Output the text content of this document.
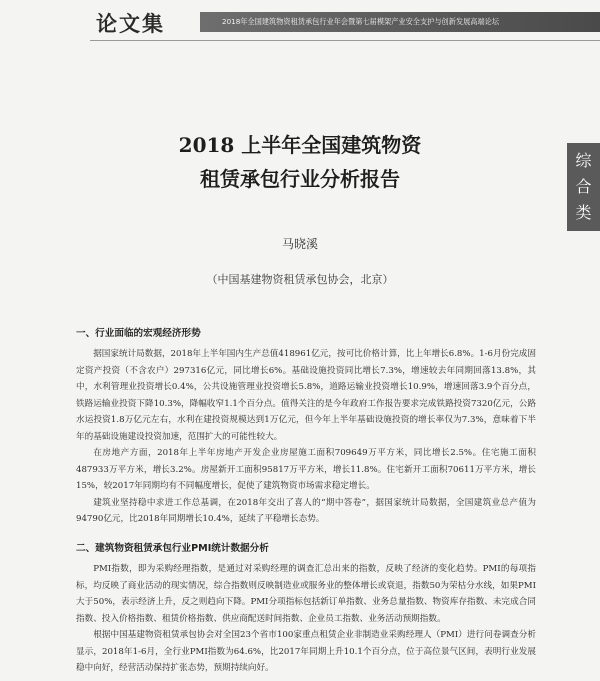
论文集	2018年全国建筑物资租赁承包行业年会暨第七届模架产业安全支护与创新发展高端论坛
综
合
类
2018 上半年全国建筑物资
租赁承包行业分析报告
马晓溪
（中国基建物资租赁承包协会，北京）
一、行业面临的宏观经济形势

据国家统计局数据，2018年上半年国内生产总值418961亿元，按可比价格计算，比上年增长6.8%。1-6月份完成固定资产投资（不含农户）297316亿元，同比增长6%。基础设施投资同比增长7.3%，增速较去年同期回落13.8%，其中，水利管理业投资增长0.4%，公共设施管理业投资增长5.8%，道路运输业投资增长10.9%，增速回落3.9个百分点，铁路运输业投资下降10.3%，降幅收窄1.1个百分点。值得关注的是今年政府工作报告要求完成铁路投资7320亿元，公路水运投资1.8万亿元左右，水利在建投资规模达到1万亿元，但今年上半年基础设施投资的增长率仅为7.3%，意味着下半年的基础设施建设投资加速，范围扩大的可能性较大。

在房地产方面，2018年上半年房地产开发企业房屋施工面积709649万平方米，同比增长2.5%。住宅施工面积487933万平方米，增长3.2%。房屋新开工面积95817万平方米，增长11.8%。住宅新开工面积70611万平方米，增长15%，较2017年同期均有不同幅度增长，促使了建筑物资市场需求稳定增长。

建筑业坚持稳中求进工作总基调，在2018年交出了喜人的“期中答卷”，据国家统计局数据，全国建筑业总产值为94790亿元，比2018年同期增长10.4%，延续了平稳增长态势。

二、建筑物资租赁承包行业PMI统计数据分析

PMI指数，即为采购经理指数，是通过对采购经理的调查汇总出来的指数，反映了经济的变化趋势。PMI的每项指标，均反映了商业活动的现实情况，综合指数则反映制造业或服务业的整体增长或衰退，指数50为荣枯分水线，如果PMI大于50%，表示经济上升，反之则趋向下降。PMI分项指标包括新订单指数、业务总量指数、物资库存指数、未完成合同指数、投入价格指数、租赁价格指数、供应商配送时间指数、企业员工指数、业务活动预期指数。

根据中国基建物资租赁承包协会对全国23个省市100家重点租赁企业非制造业采购经理人（PMI）进行问卷调查分析显示，2018年1-6月，全行业PMI指数为64.6%，比2017年同期上升10.1个百分点，位于高位景气区间，表明行业发展稳中向好，经营活动保持扩张态势，预期持续向好。
